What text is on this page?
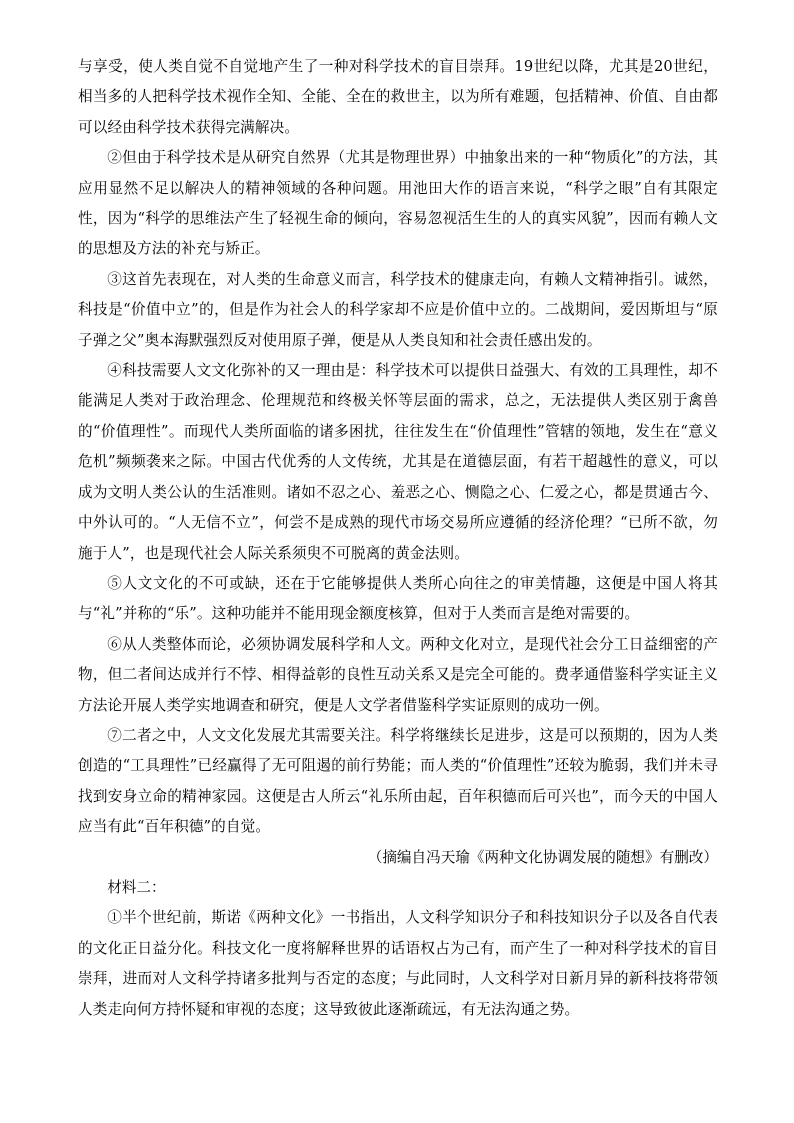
与享受，使人类自觉不自觉地产生了一种对科学技术的盲目崇拜。19世纪以降，尤其是20世纪，相当多的人把科学技术视作全知、全能、全在的救世主，以为所有难题，包括精神、价值、自由都可以经由科学技术获得完满解决。

②但由于科学技术是从研究自然界（尤其是物理世界）中抽象出来的一种“物质化”的方法，其应用显然不足以解决人的精神领域的各种问题。用池田大作的语言来说，“科学之眼”自有其限定性，因为“科学的思维法产生了轻视生命的倾向，容易忽视活生生的人的真实风貌”，因而有赖人文的思想及方法的补充与矫正。

③这首先表现在，对人类的生命意义而言，科学技术的健康走向，有赖人文精神指引。诚然，科技是“价值中立”的，但是作为社会人的科学家却不应是价值中立的。二战期间，爱因斯坦与“原子弹之父”奥本海默强烈反对使用原子弹，便是从人类良知和社会责任感出发的。

④科技需要人文文化弥补的又一理由是：科学技术可以提供日益强大、有效的工具理性，却不能满足人类对于政治理念、伦理规范和终极关怀等层面的需求，总之，无法提供人类区别于禽兽的“价值理性”。而现代人类所面临的诸多困扰，往往发生在“价值理性”管辖的领地，发生在“意义危机”频频袭来之际。中国古代优秀的人文传统，尤其是在道德层面，有若干超越性的意义，可以成为文明人类公认的生活准则。诸如不忍之心、羞恶之心、恻隐之心、仁爱之心，都是贯通古今、中外认可的。“人无信不立”，何尝不是成熟的现代市场交易所应遵循的经济伦理？“已所不欲，勿施于人”，也是现代社会人际关系须臾不可脱离的黄金法则。

⑤人文文化的不可或缺，还在于它能够提供人类所心向往之的审美情趣，这便是中国人将其与“礼”并称的“乐”。这种功能并不能用现金额度核算，但对于人类而言是绝对需要的。

⑥从人类整体而论，必须协调发展科学和人文。两种文化对立，是现代社会分工日益细密的产物，但二者间达成并行不悖、相得益彰的良性互动关系又是完全可能的。费孝通借鉴科学实证主义方法论开展人类学实地调查和研究，便是人文学者借鉴科学实证原则的成功一例。

⑦二者之中，人文文化发展尤其需要关注。科学将继续长足进步，这是可以预期的，因为人类创造的“工具理性”已经赢得了无可阻遏的前行势能；而人类的“价值理性”还较为脆弱，我们并未寻找到安身立命的精神家园。这便是古人所云“礼乐所由起，百年积德而后可兴也”，而今天的中国人应当有此“百年积德”的自觉。

（摘编自冯天瑜《两种文化协调发展的随想》有删改）

材料二：

①半个世纪前，斯诺《两种文化》一书指出，人文科学知识分子和科技知识分子以及各自代表的文化正日益分化。科技文化一度将解释世界的话语权占为己有，而产生了一种对科学技术的盲目崇拜，进而对人文科学持诸多批判与否定的态度；与此同时，人文科学对日新月异的新科技将带领人类走向何方持怀疑和审视的态度；这导致彼此逐渐疏远，有无法沟通之势。
